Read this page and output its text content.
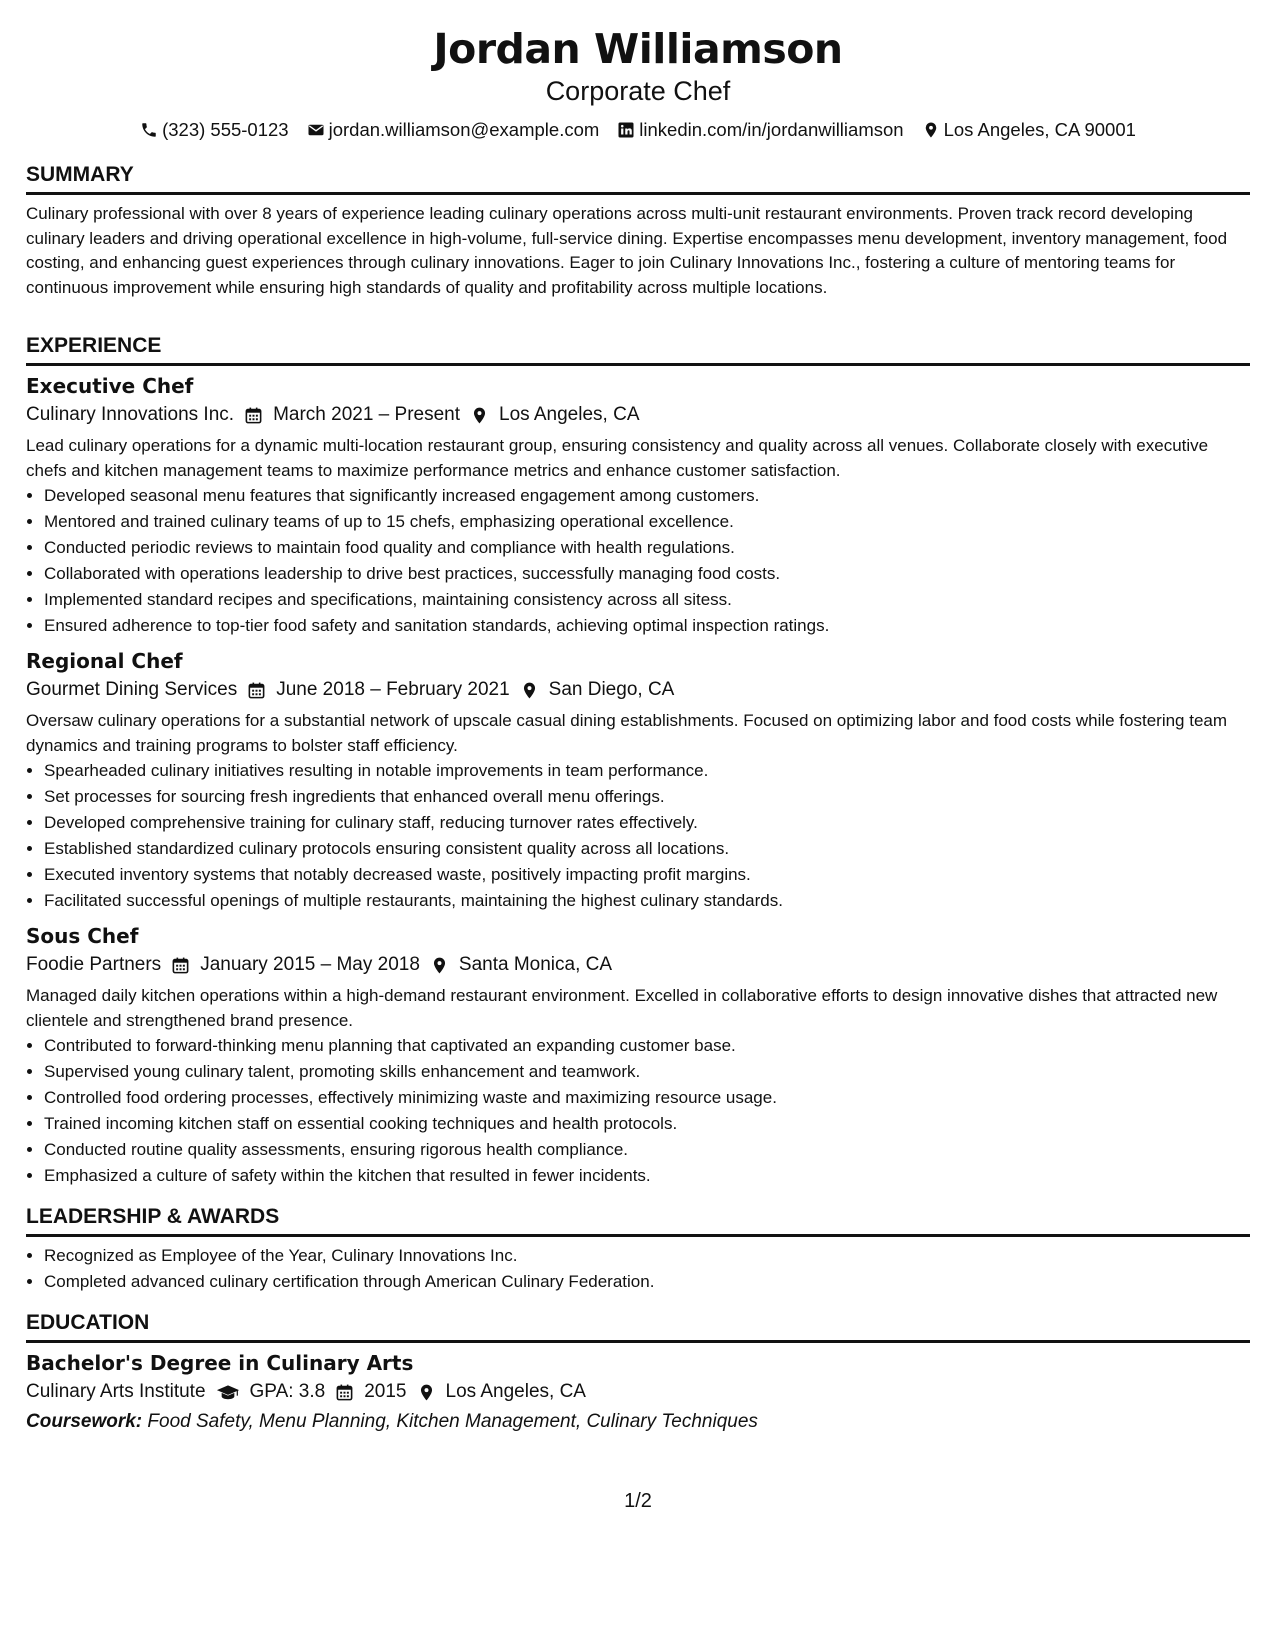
Jordan Williamson
Corporate Chef
(323) 555-0123 jordan.williamson@example.com linkedin.com/in/jordanwilliamson Los Angeles, CA 90001
SUMMARY

Culinary professional with over 8 years of experience leading culinary operations across multi-unit restaurant environments. Proven track record developing culinary leaders and driving operational excellence in high-volume, full-service dining. Expertise encompasses menu development, inventory management, food costing, and enhancing guest experiences through culinary innovations. Eager to join Culinary Innovations Inc., fostering a culture of mentoring teams for continuous improvement while ensuring high standards of quality and profitability across multiple locations.

EXPERIENCE
Executive Chef
Culinary Innovations Inc. March 2021 – Present Los Angeles, CA

Lead culinary operations for a dynamic multi-location restaurant group, ensuring consistency and quality across all venues. Collaborate closely with executive chefs and kitchen management teams to maximize performance metrics and enhance customer satisfaction.

• Developed seasonal menu features that significantly increased engagement among customers.
• Mentored and trained culinary teams of up to 15 chefs, emphasizing operational excellence.
• Conducted periodic reviews to maintain food quality and compliance with health regulations.
• Collaborated with operations leadership to drive best practices, successfully managing food costs.
• Implemented standard recipes and specifications, maintaining consistency across all sitess.
• Ensured adherence to top-tier food safety and sanitation standards, achieving optimal inspection ratings.
Regional Chef
Gourmet Dining Services June 2018 – February 2021 San Diego, CA

Oversaw culinary operations for a substantial network of upscale casual dining establishments. Focused on optimizing labor and food costs while fostering team dynamics and training programs to bolster staff efficiency.

• Spearheaded culinary initiatives resulting in notable improvements in team performance.
• Set processes for sourcing fresh ingredients that enhanced overall menu offerings.
• Developed comprehensive training for culinary staff, reducing turnover rates effectively.
• Established standardized culinary protocols ensuring consistent quality across all locations.
• Executed inventory systems that notably decreased waste, positively impacting profit margins.
• Facilitated successful openings of multiple restaurants, maintaining the highest culinary standards.
Sous Chef
Foodie Partners January 2015 – May 2018 Santa Monica, CA

Managed daily kitchen operations within a high-demand restaurant environment. Excelled in collaborative efforts to design innovative dishes that attracted new clientele and strengthened brand presence.

• Contributed to forward-thinking menu planning that captivated an expanding customer base.
• Supervised young culinary talent, promoting skills enhancement and teamwork.
• Controlled food ordering processes, effectively minimizing waste and maximizing resource usage.
• Trained incoming kitchen staff on essential cooking techniques and health protocols.
• Conducted routine quality assessments, ensuring rigorous health compliance.
• Emphasized a culture of safety within the kitchen that resulted in fewer incidents.
LEADERSHIP & AWARDS
• Recognized as Employee of the Year, Culinary Innovations Inc.
• Completed advanced culinary certification through American Culinary Federation.
EDUCATION
Bachelor's Degree in Culinary Arts
Culinary Arts Institute GPA: 3.8 2015 Los Angeles, CA
Coursework: Food Safety, Menu Planning, Kitchen Management, Culinary Techniques
1/2
